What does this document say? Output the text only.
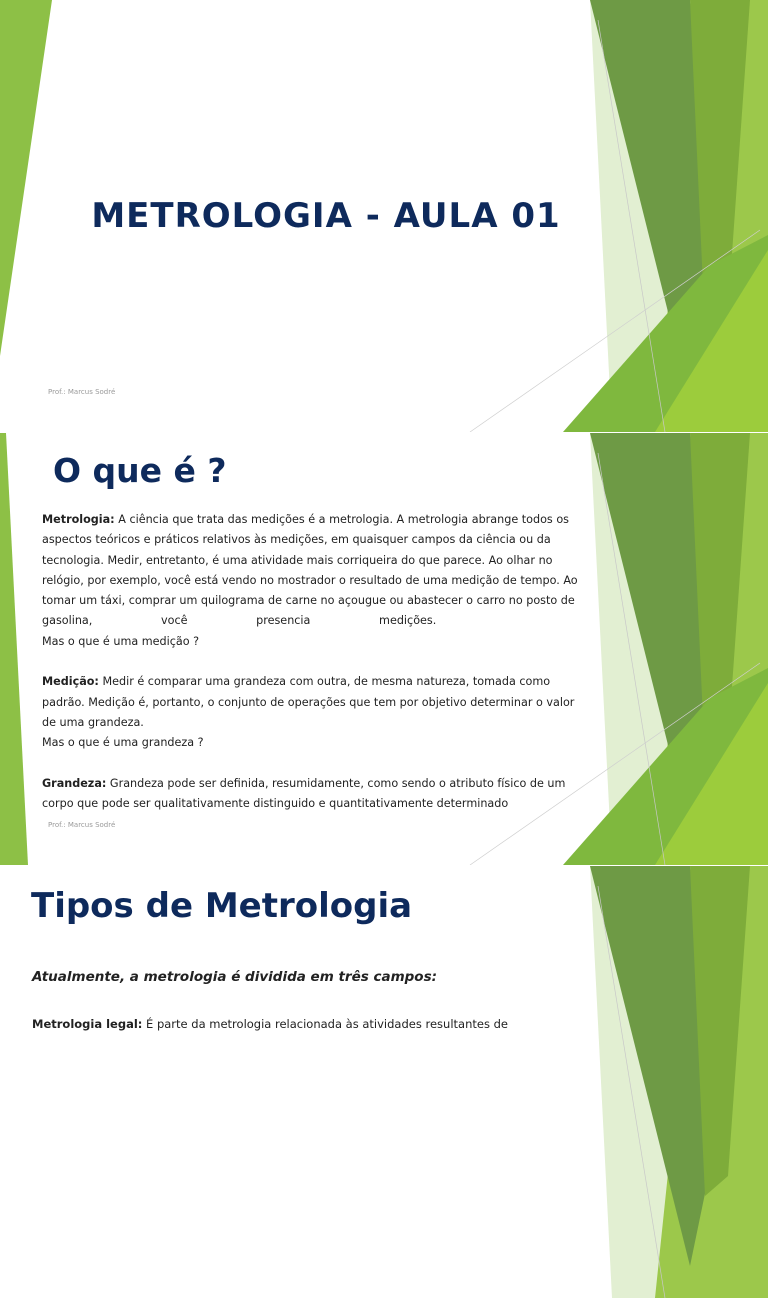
METROLOGIA - AULA 01

Prof.: Marcus Sodré

O que é ?

Metrologia: A ciência que trata das medições é a metrologia. A metrologia abrange todos os

aspectos teóricos e práticos relativos às medições, em quaisquer campos da ciência ou da

tecnologia. Medir, entretanto, é uma atividade mais corriqueira do que parece. Ao olhar no

relógio, por exemplo, você está vendo no mostrador o resultado de uma medição de tempo. Ao

tomar um táxi, comprar um quilograma de carne no açougue ou abastecer o carro no posto de

gasolina,	você	presencia	medições.

Mas o que é uma medição ?

Medição: Medir é comparar uma grandeza com outra, de mesma natureza, tomada como

padrão. Medição é, portanto, o conjunto de operações que tem por objetivo determinar o valor

de uma grandeza.

Mas o que é uma grandeza ?

Grandeza: Grandeza pode ser definida, resumidamente, como sendo o atributo físico de um

corpo que pode ser qualitativamente distinguido e quantitativamente determinado

Prof.: Marcus Sodré

Tipos de Metrologia

Atualmente, a metrologia é dividida em três campos:

Metrologia legal: É parte da metrologia relacionada às atividades resultantes de
